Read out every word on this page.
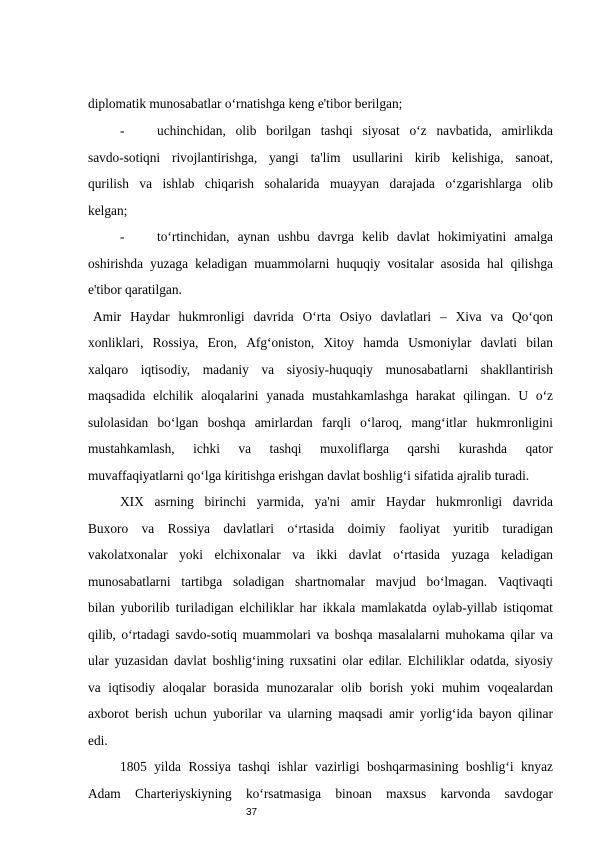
diplomatik munosabatlar oʻrnatishga keng e'tibor berilgan;
- uchinchidan, olib borilgan tashqi siyosat oʻz navbatida, amirlikda
savdo-sotiqni rivojlantirishga, yangi ta'lim usullarini kirib kelishiga, sanoat,
qurilish va ishlab chiqarish sohalarida muayyan darajada oʻzgarishlarga olib
kelgan;
- toʻrtinchidan, aynan ushbu davrga kelib davlat hokimiyatini amalga
oshirishda yuzaga keladigan muammolarni huquqiy vositalar asosida hal qilishga
e'tibor qaratilgan.
Amir Haydar hukmronligi davrida Oʻrta Osiyo davlatlari – Xiva va Qoʻqon
xonliklari, Rossiya, Eron, Afgʻoniston, Xitoy hamda Usmoniylar davlati bilan
xalqaro iqtisodiy, madaniy va siyosiy-huquqiy munosabatlarni shakllantirish
maqsadida elchilik aloqalarini yanada mustahkamlashga harakat qilingan. U oʻz
sulolasidan boʻlgan boshqa amirlardan farqli oʻlaroq, mangʻitlar hukmronligini
mustahkamlash, ichki va tashqi muxoliflarga qarshi kurashda qator
muvaffaqiyatlarni qoʻlga kiritishga erishgan davlat boshligʻi sifatida ajralib turadi.
XIX asrning birinchi yarmida, ya'ni amir Haydar hukmronligi davrida
Buxoro va Rossiya davlatlari oʻrtasida doimiy faoliyat yuritib turadigan
vakolatxonalar yoki elchixonalar va ikki davlat oʻrtasida yuzaga keladigan
munosabatlarni tartibga soladigan shartnomalar mavjud boʻlmagan. Vaqtivaqti
bilan yuborilib turiladigan elchiliklar har ikkala mamlakatda oylab-yillab istiqomat
qilib, oʻrtadagi savdo-sotiq muammolari va boshqa masalalarni muhokama qilar va
ular yuzasidan davlat boshligʻining ruxsatini olar edilar. Elchiliklar odatda, siyosiy
va iqtisodiy aloqalar borasida munozaralar olib borish yoki muhim voqealardan
axborot berish uchun yuborilar va ularning maqsadi amir yorligʻida bayon qilinar
edi.
1805 yilda Rossiya tashqi ishlar vazirligi boshqarmasining boshligʻi knyaz
Adam Charteriyskiyning koʻrsatmasiga binoan maxsus karvonda savdogar
37
